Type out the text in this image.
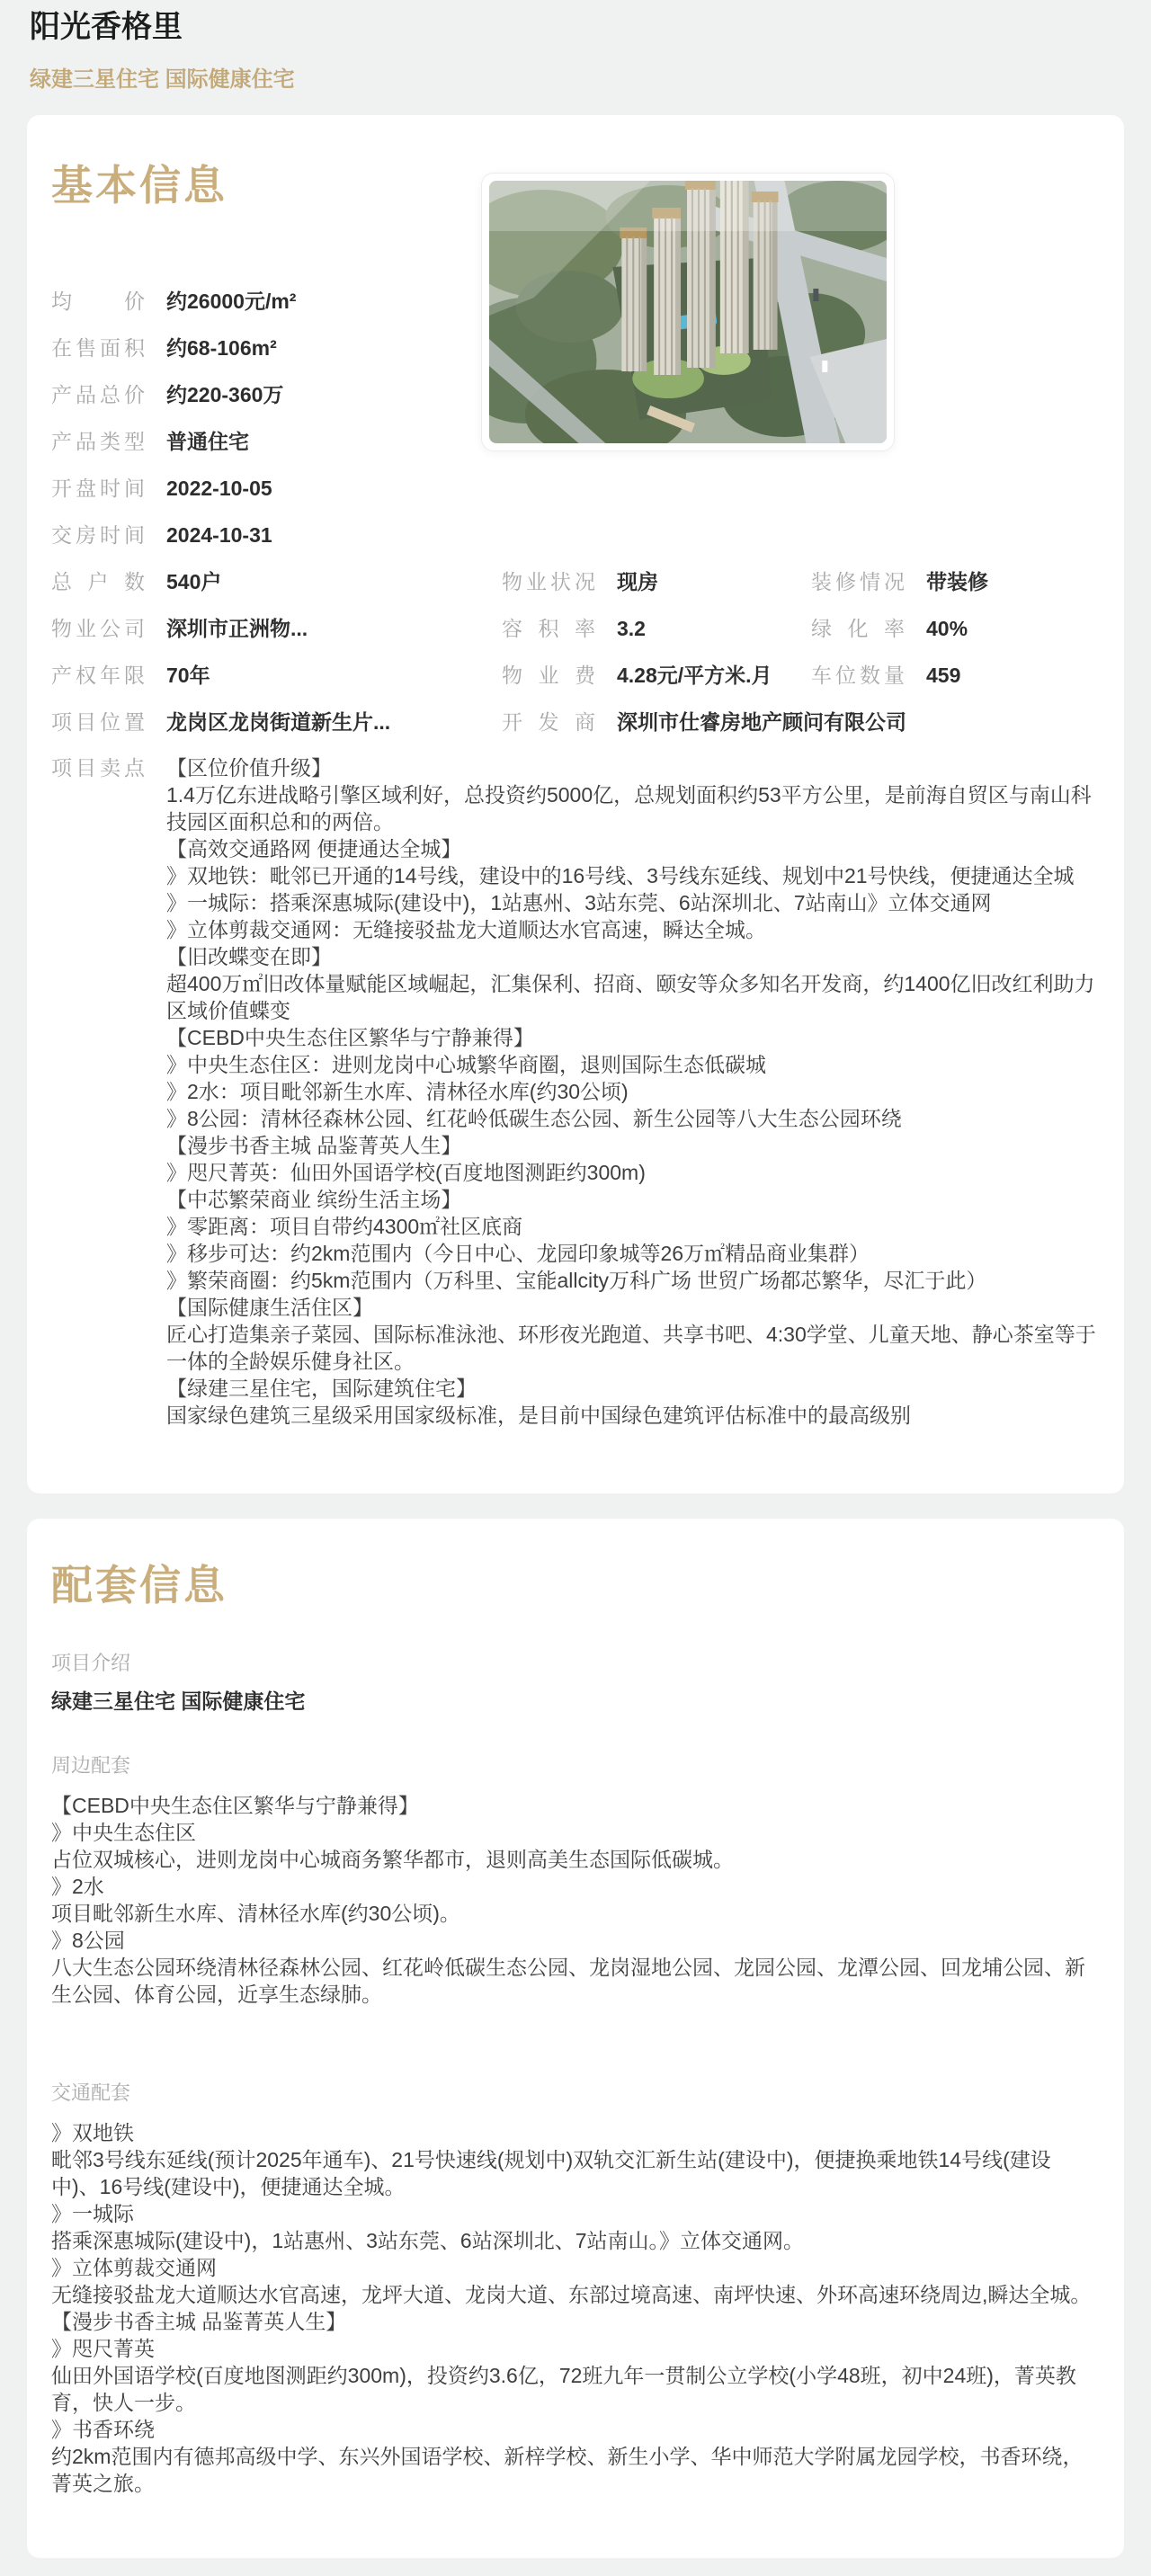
阳光香格里
绿建三星住宅 国际健康住宅
基本信息
均价 约26000元/m²
在售面积 约68-106m²
产品总价 约220-360万
产品类型 普通住宅
开盘时间 2022-10-05
交房时间 2024-10-31
总户数 540户	物业状况 现房	装修情况 带装修
物业公司 深圳市正洲物...	容积率 3.2	绿化率 40%
产权年限 70年	物业费 4.28元/平方米.月 车位数量 459
项目位置 龙岗区龙岗街道新生片...	开发商 深圳市仕睿房地产顾问有限公司
项目卖点 【区位价值升级】
1.4万亿东进战略引擎区域利好，总投资约5000亿，总规划面积约53平方公里，是前海自贸区与南山科技园区面积总和的两倍。
【高效交通路网 便捷通达全城】
》双地铁：毗邻已开通的14号线，建设中的16号线、3号线东延线、规划中21号快线，便捷通达全城
》一城际：搭乘深惠城际(建设中)，1站惠州、3站东莞、6站深圳北、7站南山》立体交通网
》立体剪裁交通网：无缝接驳盐龙大道顺达水官高速，瞬达全城。
【旧改蝶变在即】
超400万㎡旧改体量赋能区域崛起，汇集保利、招商、颐安等众多知名开发商，约1400亿旧改红利助力区域价值蝶变
【CEBD中央生态住区繁华与宁静兼得】
》中央生态住区：进则龙岗中心城繁华商圈，退则国际生态低碳城
》2水：项目毗邻新生水库、清林径水库(约30公顷)
》8公园：清林径森林公园、红花岭低碳生态公园、新生公园等八大生态公园环绕
【漫步书香主城 品鉴菁英人生】
》咫尺菁英：仙田外国语学校(百度地图测距约300m)
【中芯繁荣商业 缤纷生活主场】
》零距离：项目自带约4300㎡社区底商
》移步可达：约2km范围内（今日中心、龙园印象城等26万㎡精品商业集群）
》繁荣商圈：约5km范围内（万科里、宝能allcity万科广场 世贸广场都芯繁华，尽汇于此）
【国际健康生活住区】
匠心打造集亲子菜园、国际标准泳池、环形夜光跑道、共享书吧、4:30学堂、儿童天地、静心茶室等于一体的全龄娱乐健身社区。
【绿建三星住宅，国际建筑住宅】
国家绿色建筑三星级采用国家级标准，是目前中国绿色建筑评估标准中的最高级别
配套信息
项目介绍
绿建三星住宅 国际健康住宅
周边配套
【CEBD中央生态住区繁华与宁静兼得】
》中央生态住区
占位双城核心，进则龙岗中心城商务繁华都市，退则高美生态国际低碳城。
》2水
项目毗邻新生水库、清林径水库(约30公顷)。
》8公园
八大生态公园环绕清林径森林公园、红花岭低碳生态公园、龙岗湿地公园、龙园公园、龙潭公园、回龙埔公园、新生公园、体育公园，近享生态绿肺。
交通配套
》双地铁
毗邻3号线东延线(预计2025年通车)、21号快速线(规划中)双轨交汇新生站(建设中)，便捷换乘地铁14号线(建设中)、16号线(建设中)，便捷通达全城。
》一城际
搭乘深惠城际(建设中)，1站惠州、3站东莞、6站深圳北、7站南山。》立体交通网。
》立体剪裁交通网
无缝接驳盐龙大道顺达水官高速，龙坪大道、龙岗大道、东部过境高速、南坪快速、外环高速环绕周边,瞬达全城。
【漫步书香主城 品鉴菁英人生】
》咫尺菁英
仙田外国语学校(百度地图测距约300m)，投资约3.6亿，72班九年一贯制公立学校(小学48班，初中24班)，菁英教育，快人一步。
》书香环绕
约2km范围内有德邦高级中学、东兴外国语学校、新梓学校、新生小学、华中师范大学附属龙园学校，书香环绕，菁英之旅。
